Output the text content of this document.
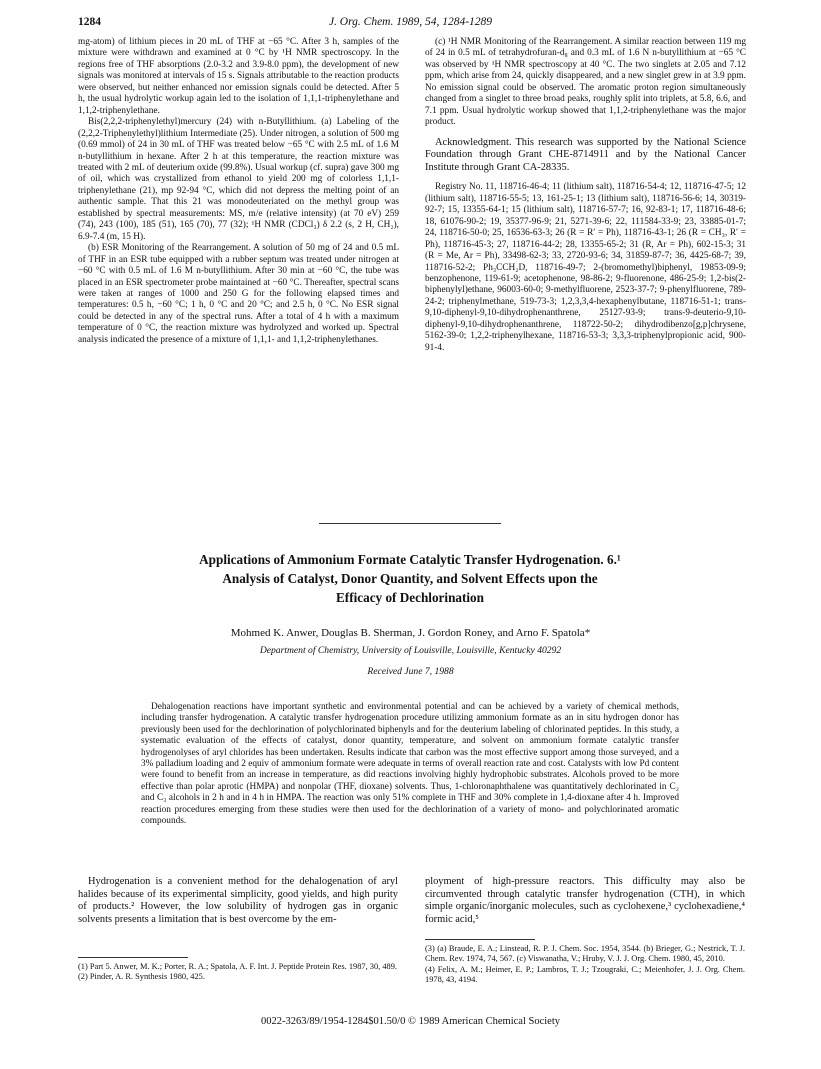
1284	J. Org. Chem. 1989, 54, 1284-1289

mg-atom) of lithium pieces in 20 mL of THF at −65 °C. After 3 h, samples of the mixture were withdrawn and examined at 0 °C by ¹H NMR spectroscopy. In the regions free of THF absorptions (2.0-3.2 and 3.9-8.0 ppm), the development of new signals was monitored at intervals of 15 s. Signals attributable to the reaction products were observed, but neither enhanced nor emission signals could be detected. After 5 h, the usual hydrolytic workup again led to the isolation of 1,1,1-triphenylethane and 1,1,2-triphenylethane.

Bis(2,2,2-triphenylethyl)mercury (24) with n-Butyllithium. (a) Labeling of the (2,2,2-Triphenylethyl)lithium Intermediate (25). Under nitrogen, a solution of 500 mg (0.69 mmol) of 24 in 30 mL of THF was treated below −65 °C with 2.5 mL of 1.6 M n-butyllithium in hexane. After 2 h at this temperature, the reaction mixture was treated with 2 mL of deuterium oxide (99.8%). Usual workup (cf. supra) gave 300 mg of oil, which was crystallized from ethanol to yield 200 mg of colorless 1,1,1-triphenylethane (21), mp 92-94 °C, which did not depress the melting point of an authentic sample. That this 21 was monodeuteriated on the methyl group was established by spectral measurements: MS, m/e (relative intensity) (at 70 eV) 259 (74), 243 (100), 185 (51), 165 (70), 77 (32); ¹H NMR (CDCl₃) δ 2.2 (s, 2 H, CH₂), 6.9-7.4 (m, 15 H).

(b) ESR Monitoring of the Rearrangement. A solution of 50 mg of 24 and 0.5 mL of THF in an ESR tube equipped with a rubber septum was treated under nitrogen at −60 °C with 0.5 mL of 1.6 M n-butyllithium. After 30 min at −60 °C, the tube was placed in an ESR spectrometer probe maintained at −60 °C. Thereafter, spectral scans were taken at ranges of 1000 and 250 G for the following elapsed times and temperatures: 0.5 h, −60 °C; 1 h, 0 °C and 20 °C; and 2.5 h, 0 °C. No ESR signal could be detected in any of the spectral runs. After a total of 4 h with a maximum temperature of 0 °C, the reaction mixture was hydrolyzed and worked up. Spectral analysis indicated the presence of a mixture of 1,1,1- and 1,1,2-triphenylethanes.

(c) ¹H NMR Monitoring of the Rearrangement. A similar reaction between 119 mg of 24 in 0.5 mL of tetrahydrofuran-d₈ and 0.3 mL of 1.6 N n-butyllithium at −65 °C was observed by ¹H NMR spectroscopy at 40 °C. The two singlets at 2.05 and 7.12 ppm, which arise from 24, quickly disappeared, and a new singlet grew in at 3.9 ppm. No emission signal could be observed. The aromatic proton region simultaneously changed from a singlet to three broad peaks, roughly split into triplets, at 5.8, 6.6, and 7.1 ppm. Usual hydrolytic workup showed that 1,1,2-triphenylethane was the major product.

Acknowledgment. This research was supported by the National Science Foundation through Grant CHE-8714911 and by the National Cancer Institute through Grant CA-28335.

Registry No. 11, 118716-46-4; 11 (lithium salt), 118716-54-4; 12, 118716-47-5; 12 (lithium salt), 118716-55-5; 13, 161-25-1; 13 (lithium salt), 118716-56-6; 14, 30319-92-7; 15, 13355-64-1; 15 (lithium salt), 118716-57-7; 16, 92-83-1; 17, 118716-48-6; 18, 61076-90-2; 19, 35377-96-9; 21, 5271-39-6; 22, 111584-33-9; 23, 33885-01-7; 24, 118716-50-0; 25, 16536-63-3; 26 (R = R′ = Ph), 118716-43-1; 26 (R = CH₃, R′ = Ph), 118716-45-3; 27, 118716-44-2; 28, 13355-65-2; 31 (R, Ar = Ph), 602-15-3; 31 (R = Me, Ar = Ph), 33498-62-3; 33, 2720-93-6; 34, 31859-87-7; 36, 4425-68-7; 39, 118716-52-2; Ph₃CCH₂D, 118716-49-7; 2-(bromomethyl)biphenyl, 19853-09-9; benzophenone, 119-61-9; acetophenone, 98-86-2; 9-fluorenone, 486-25-9; 1,2-bis(2-biphenylyl)ethane, 96003-60-0; 9-methylfluorene, 2523-37-7; 9-phenylfluorene, 789-24-2; triphenylmethane, 519-73-3; 1,2,3,3,4-hexaphenylbutane, 118716-51-1; trans-9,10-diphenyl-9,10-dihydrophenanthrene, 25127-93-9; trans-9-deuterio-9,10-diphenyl-9,10-dihydrophenanthrene, 118722-50-2; dihydrodibenzo[g,p]chrysene, 5162-39-0; 1,2,2-triphenylhexane, 118716-53-3; 3,3,3-triphenylpropionic acid, 900-91-4.

Applications of Ammonium Formate Catalytic Transfer Hydrogenation. 6.¹
Analysis of Catalyst, Donor Quantity, and Solvent Effects upon the
Efficacy of Dechlorination
Mohmed K. Anwer, Douglas B. Sherman, J. Gordon Roney, and Arno F. Spatola*
Department of Chemistry, University of Louisville, Louisville, Kentucky 40292
Received June 7, 1988

Dehalogenation reactions have important synthetic and environmental potential and can be achieved by a variety of chemical methods, including transfer hydrogenation. A catalytic transfer hydrogenation procedure utilizing ammonium formate as an in situ hydrogen donor has previously been used for the dechlorination of polychlorinated biphenyls and for the deuterium labeling of chlorinated peptides. In this study, a systematic evaluation of the effects of catalyst, donor quantity, temperature, and solvent on ammonium formate catalytic transfer hydrogenolyses of aryl chlorides has been undertaken. Results indicate that carbon was the most effective support among those surveyed, and a 3% palladium loading and 2 equiv of ammonium formate were adequate in terms of overall reaction rate and cost. Catalysts with low Pd content were found to benefit from an increase in temperature, as did reactions involving highly hydrophobic substrates. Alcohols proved to be more effective than polar aprotic (HMPA) and nonpolar (THF, dioxane) solvents. Thus, 1-chloronaphthalene was quantitatively dechlorinated in C₂ and C₃ alcohols in 2 h and in 4 h in HMPA. The reaction was only 51% complete in THF and 30% complete in 1,4-dioxane after 4 h. Improved reaction procedures emerging from these studies were then used for the dechlorination of a variety of mono- and polychlorinated aromatic compounds.

Hydrogenation is a convenient method for the dehalogenation of aryl halides because of its experimental simplicity, good yields, and high purity of products.² However, the low solubility of hydrogen gas in organic solvents presents a limitation that is best overcome by the em-

ployment of high-pressure reactors. This difficulty may also be circumvented through catalytic transfer hydrogenation (CTH), in which simple organic/inorganic molecules, such as cyclohexene,³ cyclohexadiene,⁴ formic acid,⁵

(1) Part 5. Anwer, M. K.; Porter, R. A.; Spatola, A. F. Int. J. Peptide Protein Res. 1987, 30, 489.

(2) Pinder, A. R. Synthesis 1980, 425.

(3) (a) Braude, E. A.; Linstead, R. P. J. Chem. Soc. 1954, 3544. (b) Brieger, G.; Nestrick, T. J. Chem. Rev. 1974, 74, 567. (c) Viswanatha, V.; Hruby, V. J. J. Org. Chem. 1980, 45, 2010.

(4) Felix, A. M.; Heimer, E. P.; Lambros, T. J.; Tzougraki, C.; Meienhofer, J. J. Org. Chem. 1978, 43, 4194.

0022-3263/89/1954-1284$01.50/0 © 1989 American Chemical Society
